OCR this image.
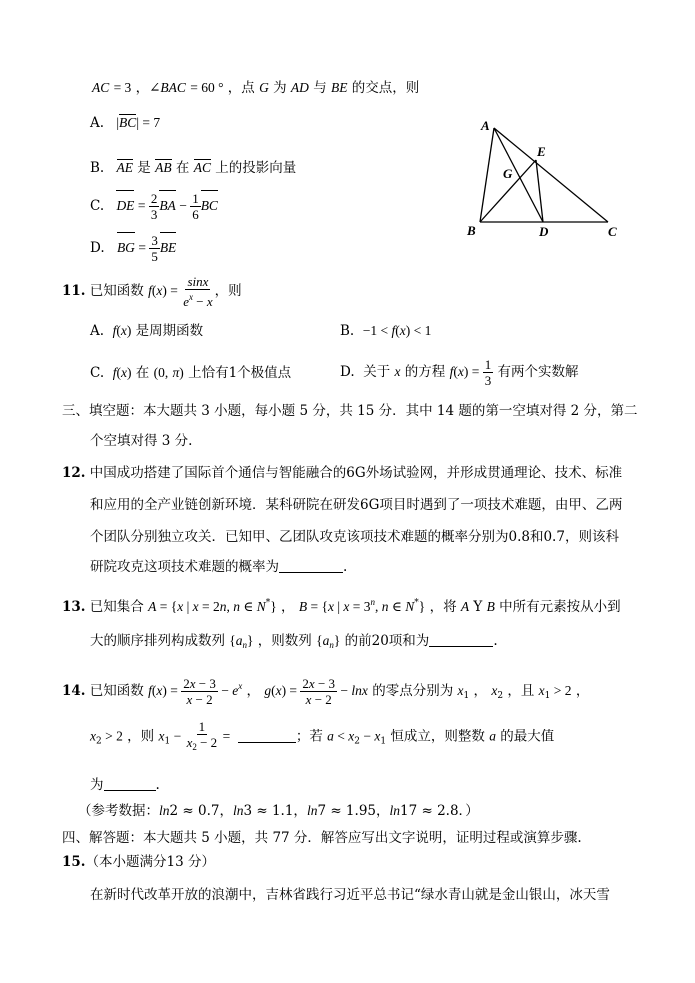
AC = 3 ，∠BAC = 60 ° ，点 G 为 AD 与 BE 的交点，则
A. |BC| = 7
B. AE 是 AB 在 AC 上的投影向量
C. DE = $\frac{2}{3}$ BA − $\frac{1}{6}$ BC
D. BG = $\frac{3}{5}$ BE
A
E
G
B	D	C
11. 已知函数 $f(x) = \frac{\sin x}{e^x - x}$ ，则
A.  f(x) 是周期函数	B.  −1 < f(x) < 1
C.  f(x) 在 (0, π) 上恰有1个极值点	D.  关于 x 的方程 $f(x) = \frac{1}{3}$ 有两个实数解
三、填空题：本大题共 3 小题，每小题 5 分，共 15 分．其中 14 题的第一空填对得 2 分，第二
个空填对得 3 分.
12. 中国成功搭建了国际首个通信与智能融合的6G外场试验网，并形成贯通理论、技术、标准
和应用的全产业链创新环境．某科研院在研发6G项目时遇到了一项技术难题，由甲、乙两
个团队分别独立攻关．已知甲、乙团队攻克该项技术难题的概率分别为0.8和0.7，则该科
研院攻克这项技术难题的概率为	.
13. 已知集合 A = {x | x = 2n, n ∈ N*} ， B = {x | $x = 3^n$, n ∈ N*} ，将 A Y B 中所有元素按从小到
大的顺序排列构成数列 $\{a_n\}$ ，则数列 $\{a_n\}$ 的前20项和为	.
14. 已知函数 $f(x) = \frac{2x - 3}{x - 2} - e^x$ ， $g(x) = \frac{2x - 3}{x - 2} - \ln x$ 的零点分别为 $x_1$ ， $x_2$ ，且 $x_1 > 2$ ，
$x_2 > 2$ ，则 $x_1 - \frac{1}{x_2 - 2}$ =	；若 $a < x_2 - x_1$ 恒成立，则整数 a 的最大值
为	.
（参考数据：ln2 ≈ 0.7，ln3 ≈ 1.1，ln7 ≈ 1.95，ln17 ≈ 2.8．）
四、解答题：本大题共 5 小题，共 77 分．解答应写出文字说明，证明过程或演算步骤.
15.（本小题满分13 分）
在新时代改革开放的浪潮中，吉林省践行习近平总书记“绿水青山就是金山银山，冰天雪
